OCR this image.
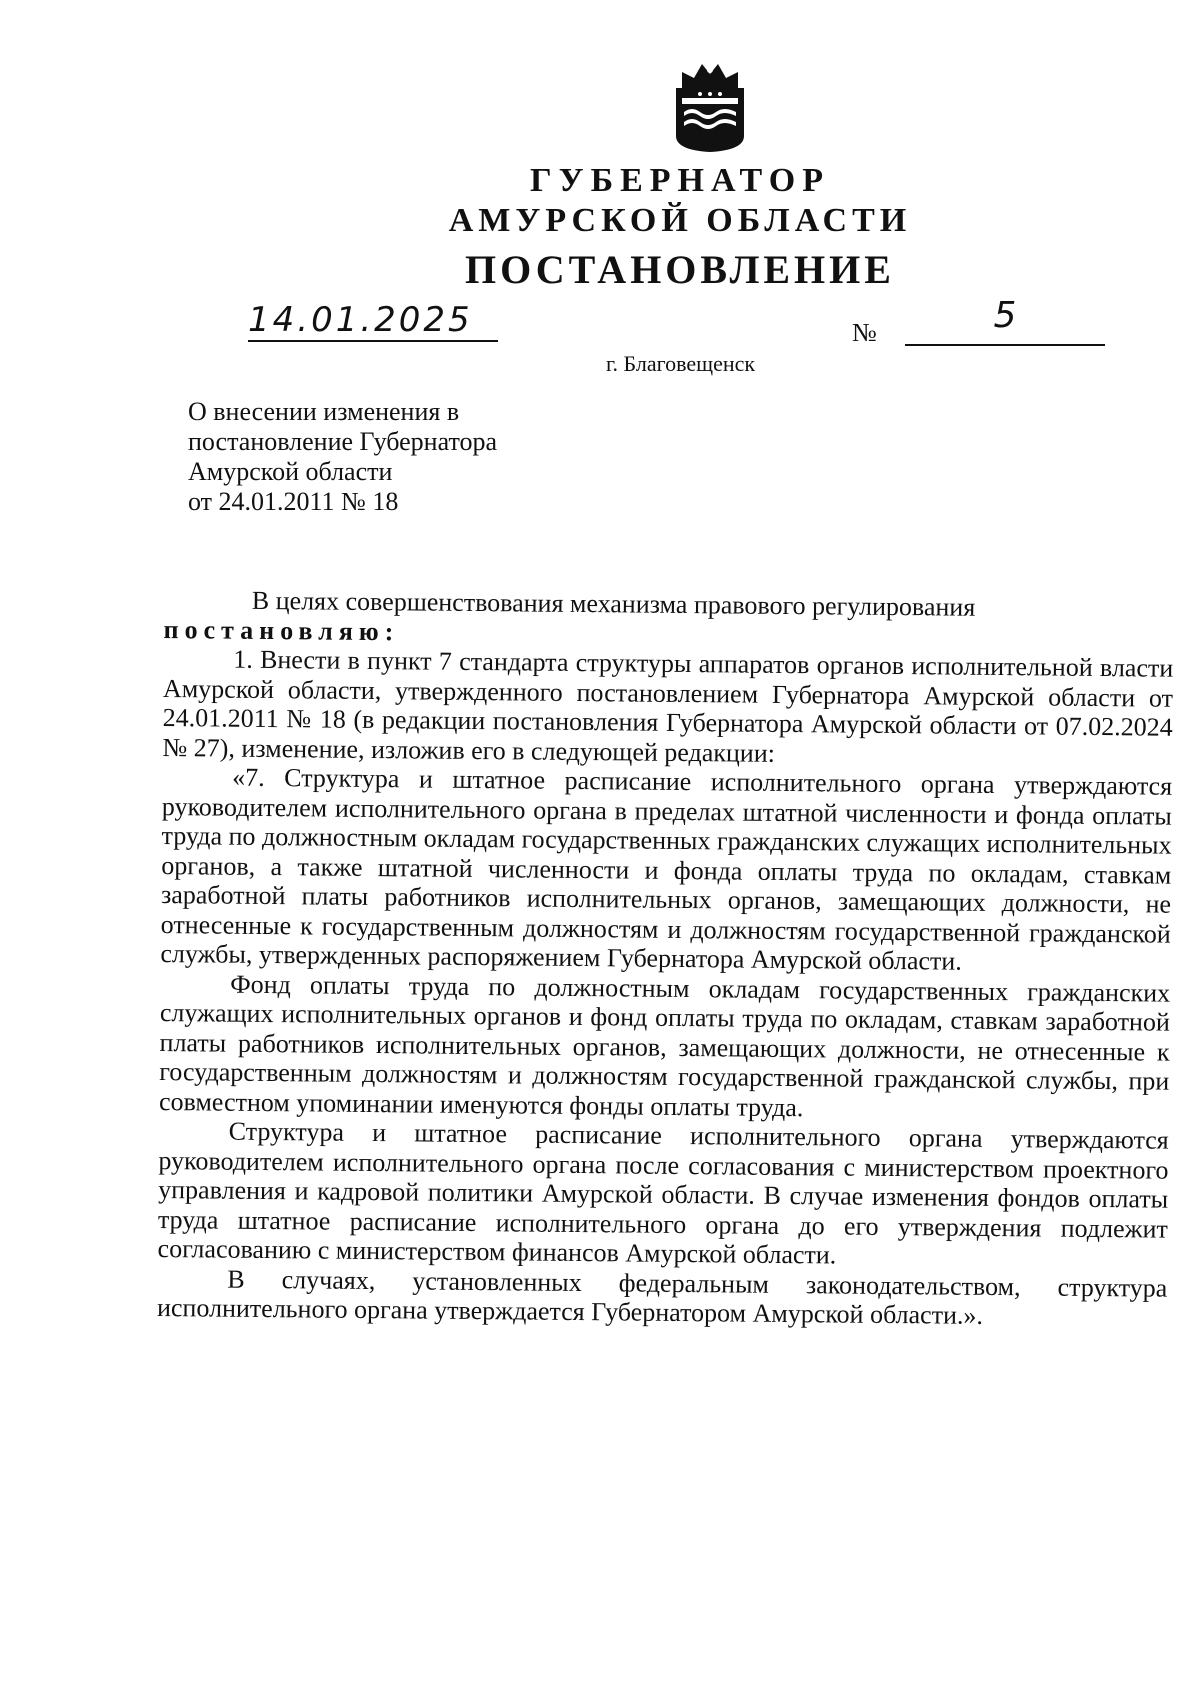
ГУБЕРНАТОР
АМУРСКОЙ ОБЛАСТИ
ПОСТАНОВЛЕНИЕ
14.01.2025	№	5
г. Благовещенск
О внесении изменения в
постановление Губернатора
Амурской области
от 24.01.2011 № 18

В целях совершенствования механизма правового регулирования

постановляю:

1. Внести в пункт 7 стандарта структуры аппаратов органов исполнительной власти Амурской области, утвержденного постановлением Губернатора Амурской области от 24.01.2011 № 18 (в редакции постановления Губернатора Амурской области от 07.02.2024 № 27), изменение, изложив его в следующей редакции:

«7. Структура и штатное расписание исполнительного органа утверждаются руководителем исполнительного органа в пределах штатной численности и фонда оплаты труда по должностным окладам государственных гражданских служащих исполнительных органов, а также штатной численности и фонда оплаты труда по окладам, ставкам заработной платы работников исполнительных органов, замещающих должности, не отнесенные к государственным должностям и должностям государственной гражданской службы, утвержденных распоряжением Губернатора Амурской области.

Фонд оплаты труда по должностным окладам государственных гражданских служащих исполнительных органов и фонд оплаты труда по окладам, ставкам заработной платы работников исполнительных органов, замещающих должности, не отнесенные к государственным должностям и должностям государственной гражданской службы, при совместном упоминании именуются фонды оплаты труда.

Структура и штатное расписание исполнительного органа утверждаются руководителем исполнительного органа после согласования с министерством проектного управления и кадровой политики Амурской области. В случае изменения фондов оплаты труда штатное расписание исполнительного органа до его утверждения подлежит согласованию с министерством финансов Амурской области.

В случаях, установленных федеральным законодательством, структура исполнительного органа утверждается Губернатором Амурской области.».
